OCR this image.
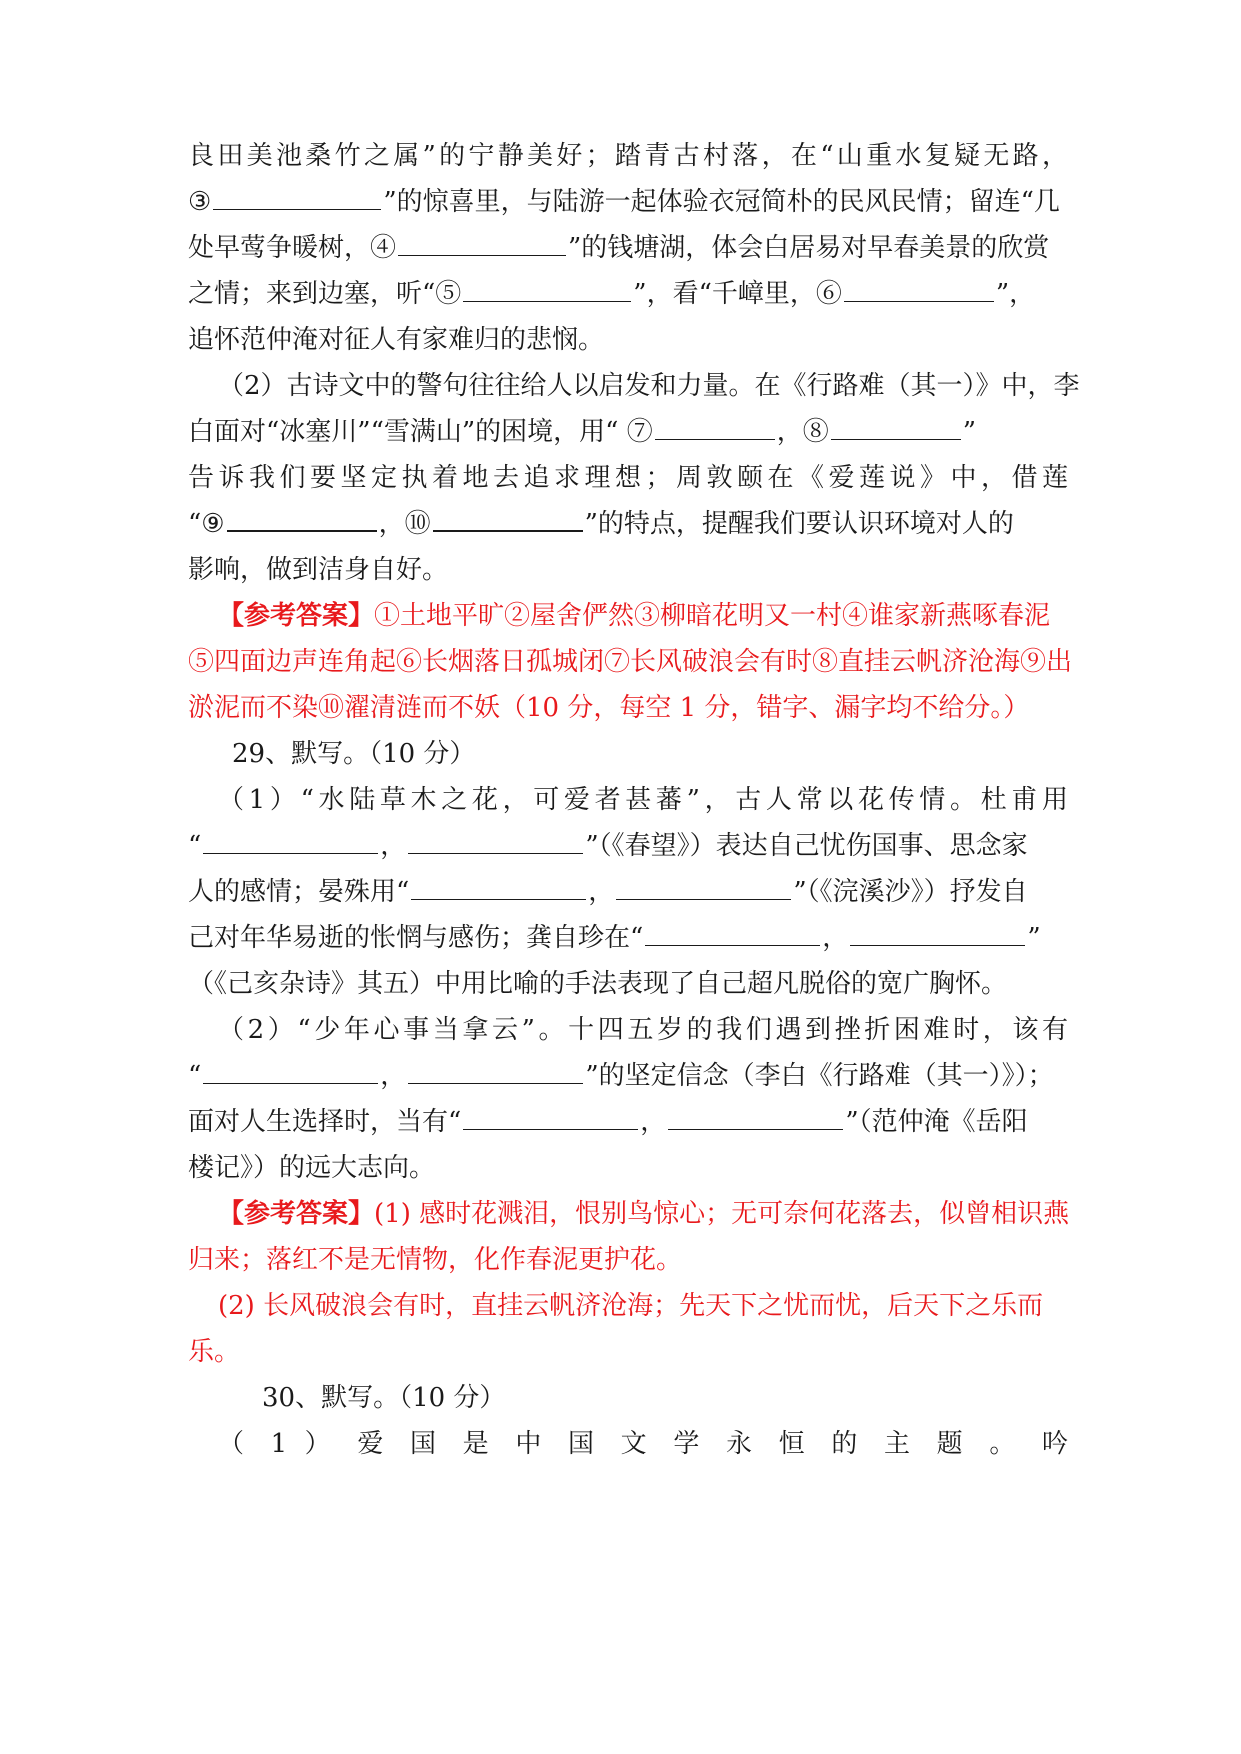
良田美池桑竹之属”的宁静美好；踏青古村落，在“山重水复疑无路，
③	”的惊喜里，与陆游一起体验衣冠简朴的民风民情；留连“几
处早莺争暖树，④	”的钱塘湖，体会白居易对早春美景的欣赏
之情；来到边塞，听“⑤	”，看“千嶂里，⑥	”，
追怀范仲淹对征人有家难归的悲悯。
（2）古诗文中的警句往往给人以启发和力量。在《行路难（其一）》中，李
白面对“冰塞川”“雪满山”的困境，用“ ⑦	，⑧	”
告诉我们要坚定执着地去追求理想；周敦颐在《爱莲说》中，借莲
“⑨	，⑩	”的特点，提醒我们要认识环境对人的
影响，做到洁身自好。
【参考答案】①土地平旷②屋舍俨然③柳暗花明又一村④谁家新燕啄春泥
⑤四面边声连角起⑥长烟落日孤城闭⑦长风破浪会有时⑧直挂云帆济沧海⑨出
淤泥而不染⑩濯清涟而不妖（10 分，每空 1 分，错字、漏字均不给分。）
29、默写。（10 分）
（1）“水陆草木之花，可爱者甚蕃”，古人常以花传情。杜甫用
“	，	”（《春望》）表达自己忧伤国事、思念家
人的感情；晏殊用“	，	”（《浣溪沙》）抒发自
己对年华易逝的怅惘与感伤；龚自珍在“	，	”
（《己亥杂诗》其五）中用比喻的手法表现了自己超凡脱俗的宽广胸怀。
（2）“少年心事当拿云”。十四五岁的我们遇到挫折困难时，该有
“	，	”的坚定信念（李白《行路难（其一）》）；
面对人生选择时，当有“	，	”（范仲淹《岳阳
楼记》）的远大志向。
【参考答案】(1) 感时花溅泪，恨别鸟惊心；无可奈何花落去，似曾相识燕
归来；落红不是无情物，化作春泥更护花。
(2) 长风破浪会有时，直挂云帆济沧海；先天下之忧而忧，后天下之乐而
乐。
30、默写。（10 分）
（ 1 ） 爱 国 是 中 国 文 学 永 恒 的 主 题 。 吟
